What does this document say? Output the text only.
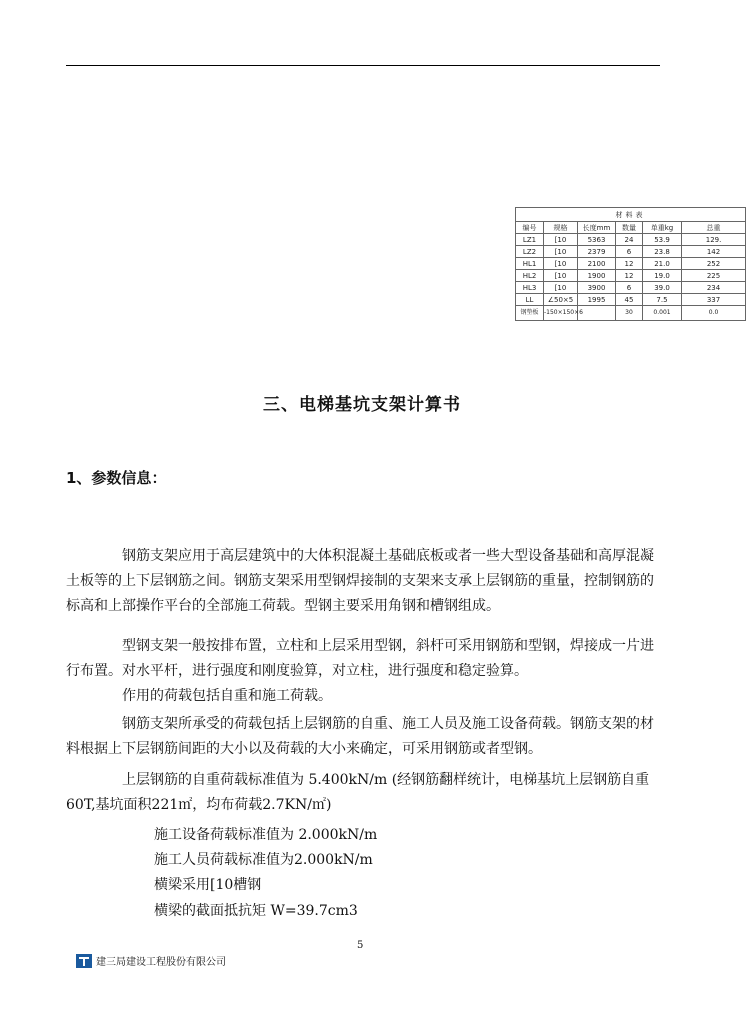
材料表					
编号	规格	长度mm	数量	单重kg	总重
LZ1	[10	5363	24	53.9	129.
LZ2	[10	2379	6	23.8	142
HL1	[10	2100	12	21.0	252
HL2	[10	1900	12	19.0	225
HL3	[10	3900	6	39.0	234
LL	∠50×5	1995	45	7.5	337
钢垫板	-150×150×6		30	0.001	0.0
三、电梯基坑支架计算书
1、参数信息：

钢筋支架应用于高层建筑中的大体积混凝土基础底板或者一些大型设备基础和高厚混凝土板等的上下层钢筋之间。钢筋支架采用型钢焊接制的支架来支承上层钢筋的重量，控制钢筋的标高和上部操作平台的全部施工荷载。型钢主要采用角钢和槽钢组成。

型钢支架一般按排布置，立柱和上层采用型钢，斜杆可采用钢筋和型钢，焊接成一片进行布置。对水平杆，进行强度和刚度验算，对立柱，进行强度和稳定验算。

作用的荷载包括自重和施工荷载。

钢筋支架所承受的荷载包括上层钢筋的自重、施工人员及施工设备荷载。钢筋支架的材料根据上下层钢筋间距的大小以及荷载的大小来确定，可采用钢筋或者型钢。

上层钢筋的自重荷载标准值为 5.400kN/m (经钢筋翻样统计，电梯基坑上层钢筋自重60T,基坑面积221㎡，均布荷载2.7KN/㎡)

施工设备荷载标准值为 2.000kN/m
施工人员荷载标准值为2.000kN/m
横梁采用[10槽钢
横梁的截面抵抗矩 W=39.7cm3
5
建三局建设工程股份有限公司
